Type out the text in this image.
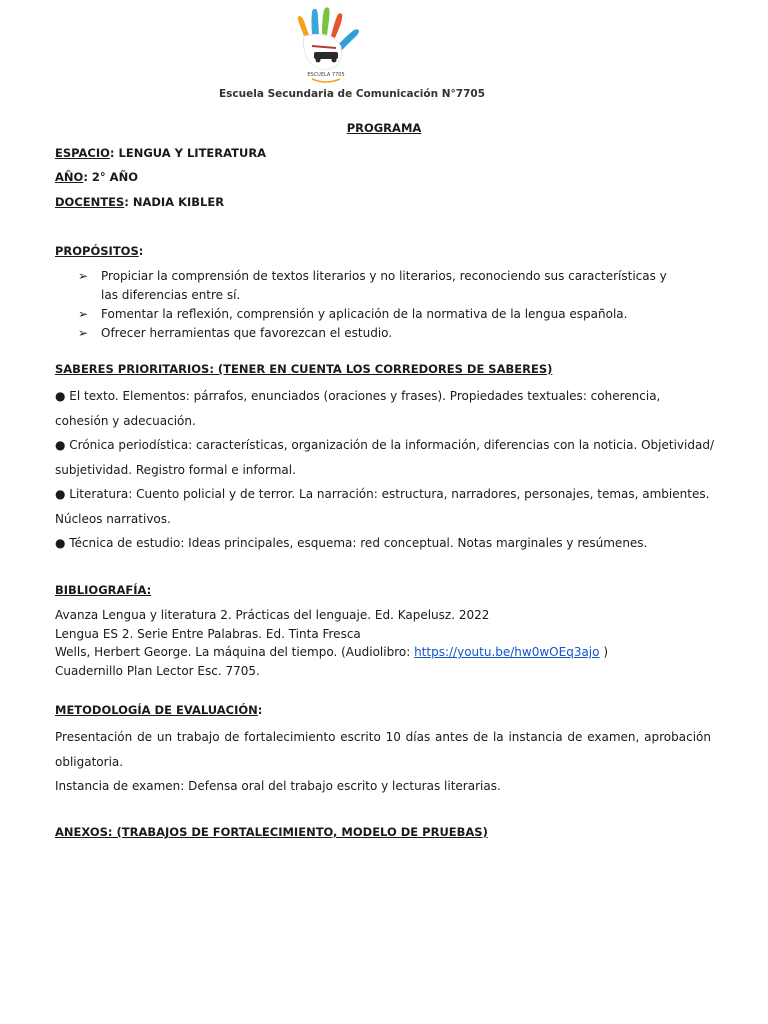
ESCUELA 7705
Escuela Secundaria de Comunicación N°7705
PROGRAMA
ESPACIO: LENGUA Y LITERATURA
AÑO: 2° AÑO
DOCENTES: NADIA KIBLER
PROPÓSITOS:
➢ Propiciar la comprensión de textos literarios y no literarios, reconociendo sus características y las diferencias entre sí.
➢ Fomentar la reflexión, comprensión y aplicación de la normativa de la lengua española.
➢ Ofrecer herramientas que favorezcan el estudio.
SABERES PRIORITARIOS: (TENER EN CUENTA LOS CORREDORES DE SABERES)

● El texto. Elementos: párrafos, enunciados (oraciones y frases). Propiedades textuales: coherencia, cohesión y adecuación.

● Crónica periodística: características, organización de la información, diferencias con la noticia. Objetividad/ subjetividad. Registro formal e informal.

● Literatura: Cuento policial y de terror. La narración: estructura, narradores, personajes, temas, ambientes. Núcleos narrativos.

● Técnica de estudio: Ideas principales, esquema: red conceptual. Notas marginales y resúmenes.

BIBLIOGRAFÍA:

Avanza Lengua y literatura 2. Prácticas del lenguaje. Ed. Kapelusz. 2022

Lengua ES 2. Serie Entre Palabras. Ed. Tinta Fresca

Wells, Herbert George. La máquina del tiempo. (Audiolibro: https://youtu.be/hw0wOEq3ajo )

Cuadernillo Plan Lector Esc. 7705.

METODOLOGÍA DE EVALUACIÓN:

Presentación de un trabajo de fortalecimiento escrito 10 días antes de la instancia de examen, aprobación obligatoria.

Instancia de examen: Defensa oral del trabajo escrito y lecturas literarias.

ANEXOS: (TRABAJOS DE FORTALECIMIENTO, MODELO DE PRUEBAS)
